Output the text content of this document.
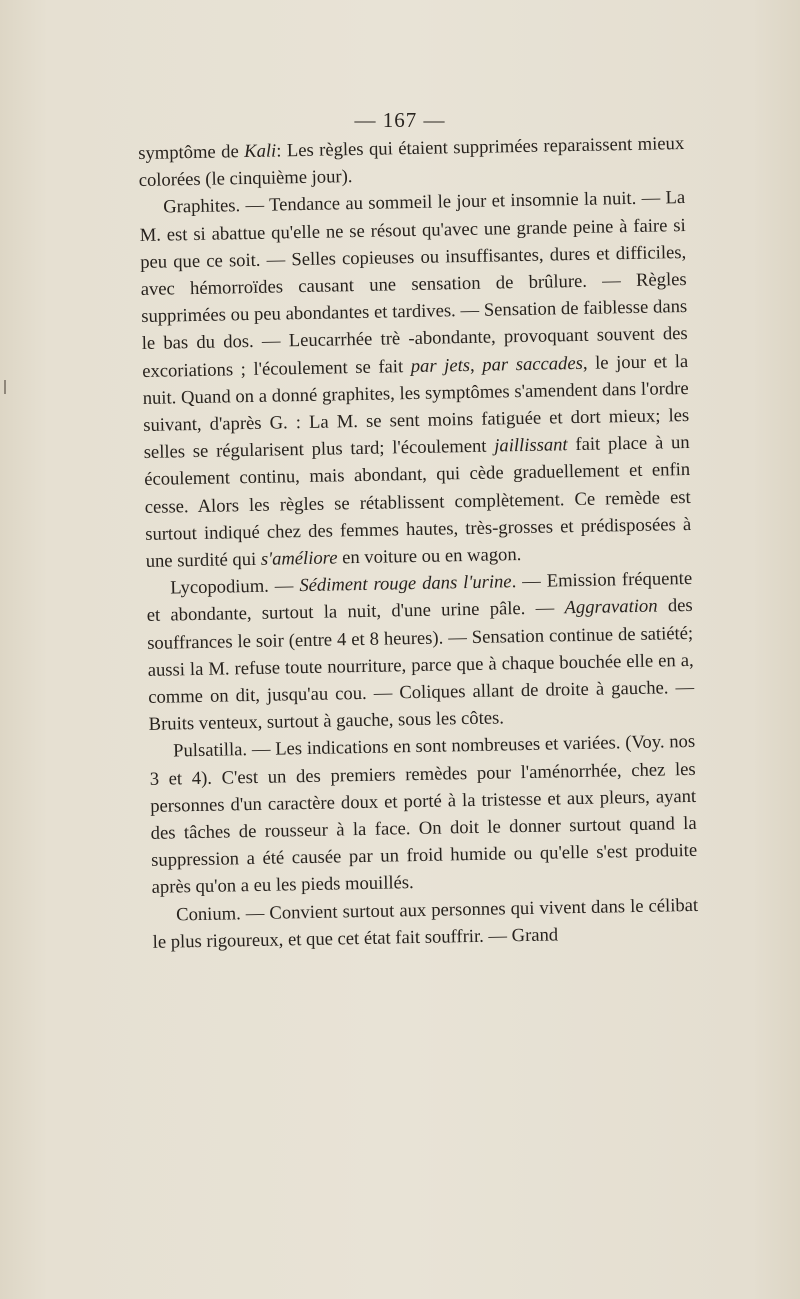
— 167 —

symptôme de Kali: Les règles qui étaient supprimées reparaissent mieux colorées (le cinquième jour).

Graphites. — Tendance au sommeil le jour et insomnie la nuit. — La M. est si abattue qu'elle ne se résout qu'avec une grande peine à faire si peu que ce soit. — Selles copieuses ou insuffisantes, dures et difficiles, avec hémorroïdes causant une sensation de brûlure. — Règles supprimées ou peu abondantes et tardives. — Sensation de faiblesse dans le bas du dos. — Leucarrhée trè -abondante, provoquant souvent des excoriations ; l'écoulement se fait par jets, par saccades, le jour et la nuit. Quand on a donné graphites, les symptômes s'amendent dans l'ordre suivant, d'après G. : La M. se sent moins fatiguée et dort mieux; les selles se régularisent plus tard; l'écoulement jaillissant fait place à un écoulement continu, mais abondant, qui cède graduellement et enfin cesse. Alors les règles se rétablissent complètement. Ce remède est surtout indiqué chez des femmes hautes, très-grosses et prédisposées à une surdité qui s'améliore en voiture ou en wagon.

Lycopodium. — Sédiment rouge dans l'urine. — Emission fréquente et abondante, surtout la nuit, d'une urine pâle. — Aggravation des souffrances le soir (entre 4 et 8 heures). — Sensation continue de satiété; aussi la M. refuse toute nourriture, parce que à chaque bouchée elle en a, comme on dit, jusqu'au cou. — Coliques allant de droite à gauche. — Bruits venteux, surtout à gauche, sous les côtes.

Pulsatilla. — Les indications en sont nombreuses et variées. (Voy. nos 3 et 4). C'est un des premiers remèdes pour l'aménorrhée, chez les personnes d'un caractère doux et porté à la tristesse et aux pleurs, ayant des tâches de rousseur à la face. On doit le donner surtout quand la suppression a été causée par un froid humide ou qu'elle s'est produite après qu'on a eu les pieds mouillés.

Conium. — Convient surtout aux personnes qui vivent dans le célibat le plus rigoureux, et que cet état fait souffrir. — Grand
